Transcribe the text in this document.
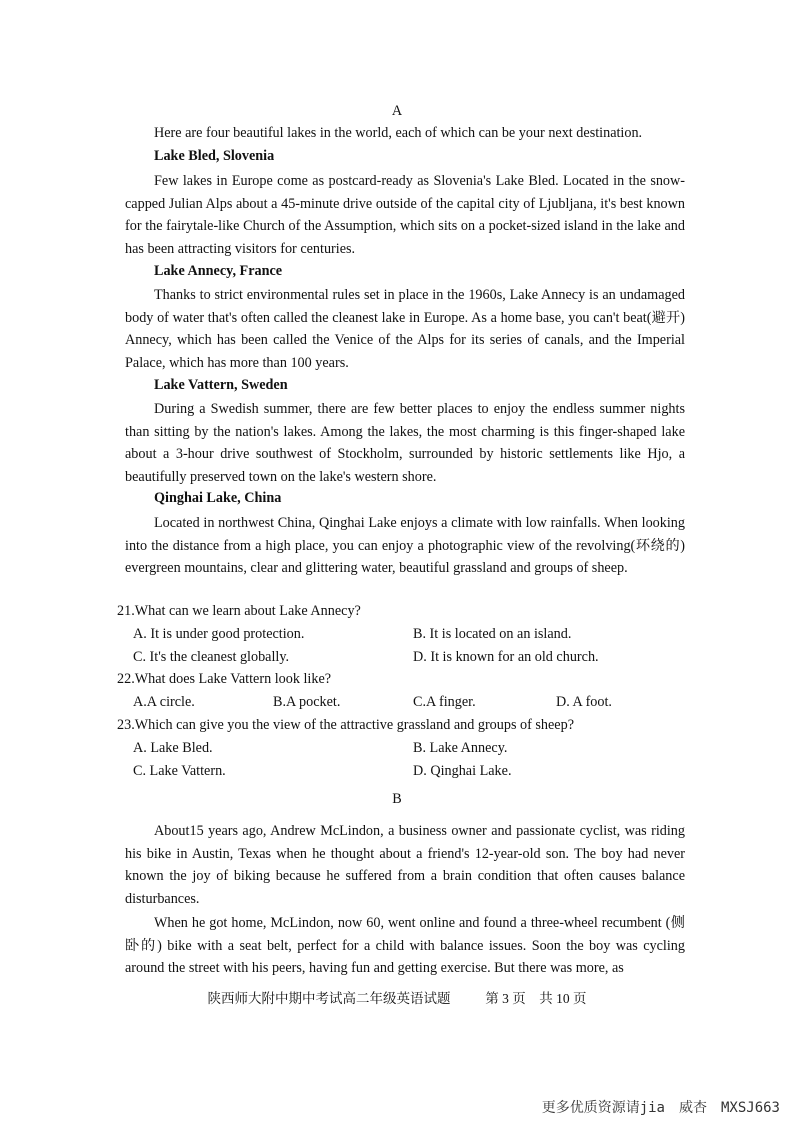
A
Here are four beautiful lakes in the world, each of which can be your next destination.
Lake Bled, Slovenia
Few lakes in Europe come as postcard-ready as Slovenia's Lake Bled. Located in the snow-capped Julian Alps about a 45-minute drive outside of the capital city of Ljubljana, it's best known for the fairytale-like Church of the Assumption, which sits on a pocket-sized island in the lake and has been attracting visitors for centuries.
Lake Annecy, France
Thanks to strict environmental rules set in place in the 1960s, Lake Annecy is an undamaged body of water that's often called the cleanest lake in Europe. As a home base, you can't beat(避开) Annecy, which has been called the Venice of the Alps for its series of canals, and the Imperial Palace, which has more than 100 years.
Lake Vattern, Sweden
During a Swedish summer, there are few better places to enjoy the endless summer nights than sitting by the nation's lakes. Among the lakes, the most charming is this finger-shaped lake about a 3-hour drive southwest of Stockholm, surrounded by historic settlements like Hjo, a beautifully preserved town on the lake's western shore.
Qinghai Lake, China
Located in northwest China, Qinghai Lake enjoys a climate with low rainfalls. When looking into the distance from a high place, you can enjoy a photographic view of the revolving(环绕的) evergreen mountains, clear and glittering water, beautiful grassland and groups of sheep.
21.What can we learn about Lake Annecy?
A. It is under good protection.	B. It is located on an island.
C. It's the cleanest globally.	D. It is known for an old church.
22.What does Lake Vattern look like?
A.A circle.	B.A pocket.	C.A finger.	D. A foot.
23.Which can give you the view of the attractive grassland and groups of sheep?
A. Lake Bled.	B. Lake Annecy.
C. Lake Vattern.	D. Qinghai Lake.
B
About15 years ago, Andrew McLindon, a business owner and passionate cyclist, was riding his bike in Austin, Texas when he thought about a friend's 12-year-old son. The boy had never known the joy of biking because he suffered from a brain condition that often causes balance disturbances.
When he got home, McLindon, now 60, went online and found a three-wheel recumbent (侧卧的) bike with a seat belt, perfect for a child with balance issues. Soon the boy was cycling around the street with his peers, having fun and getting exercise. But there was more, as
陕西师大附中期中考试高二年级英语试题	第 3 页　共 10 页
更多优质资源请jia　威杏　MXSJ663
